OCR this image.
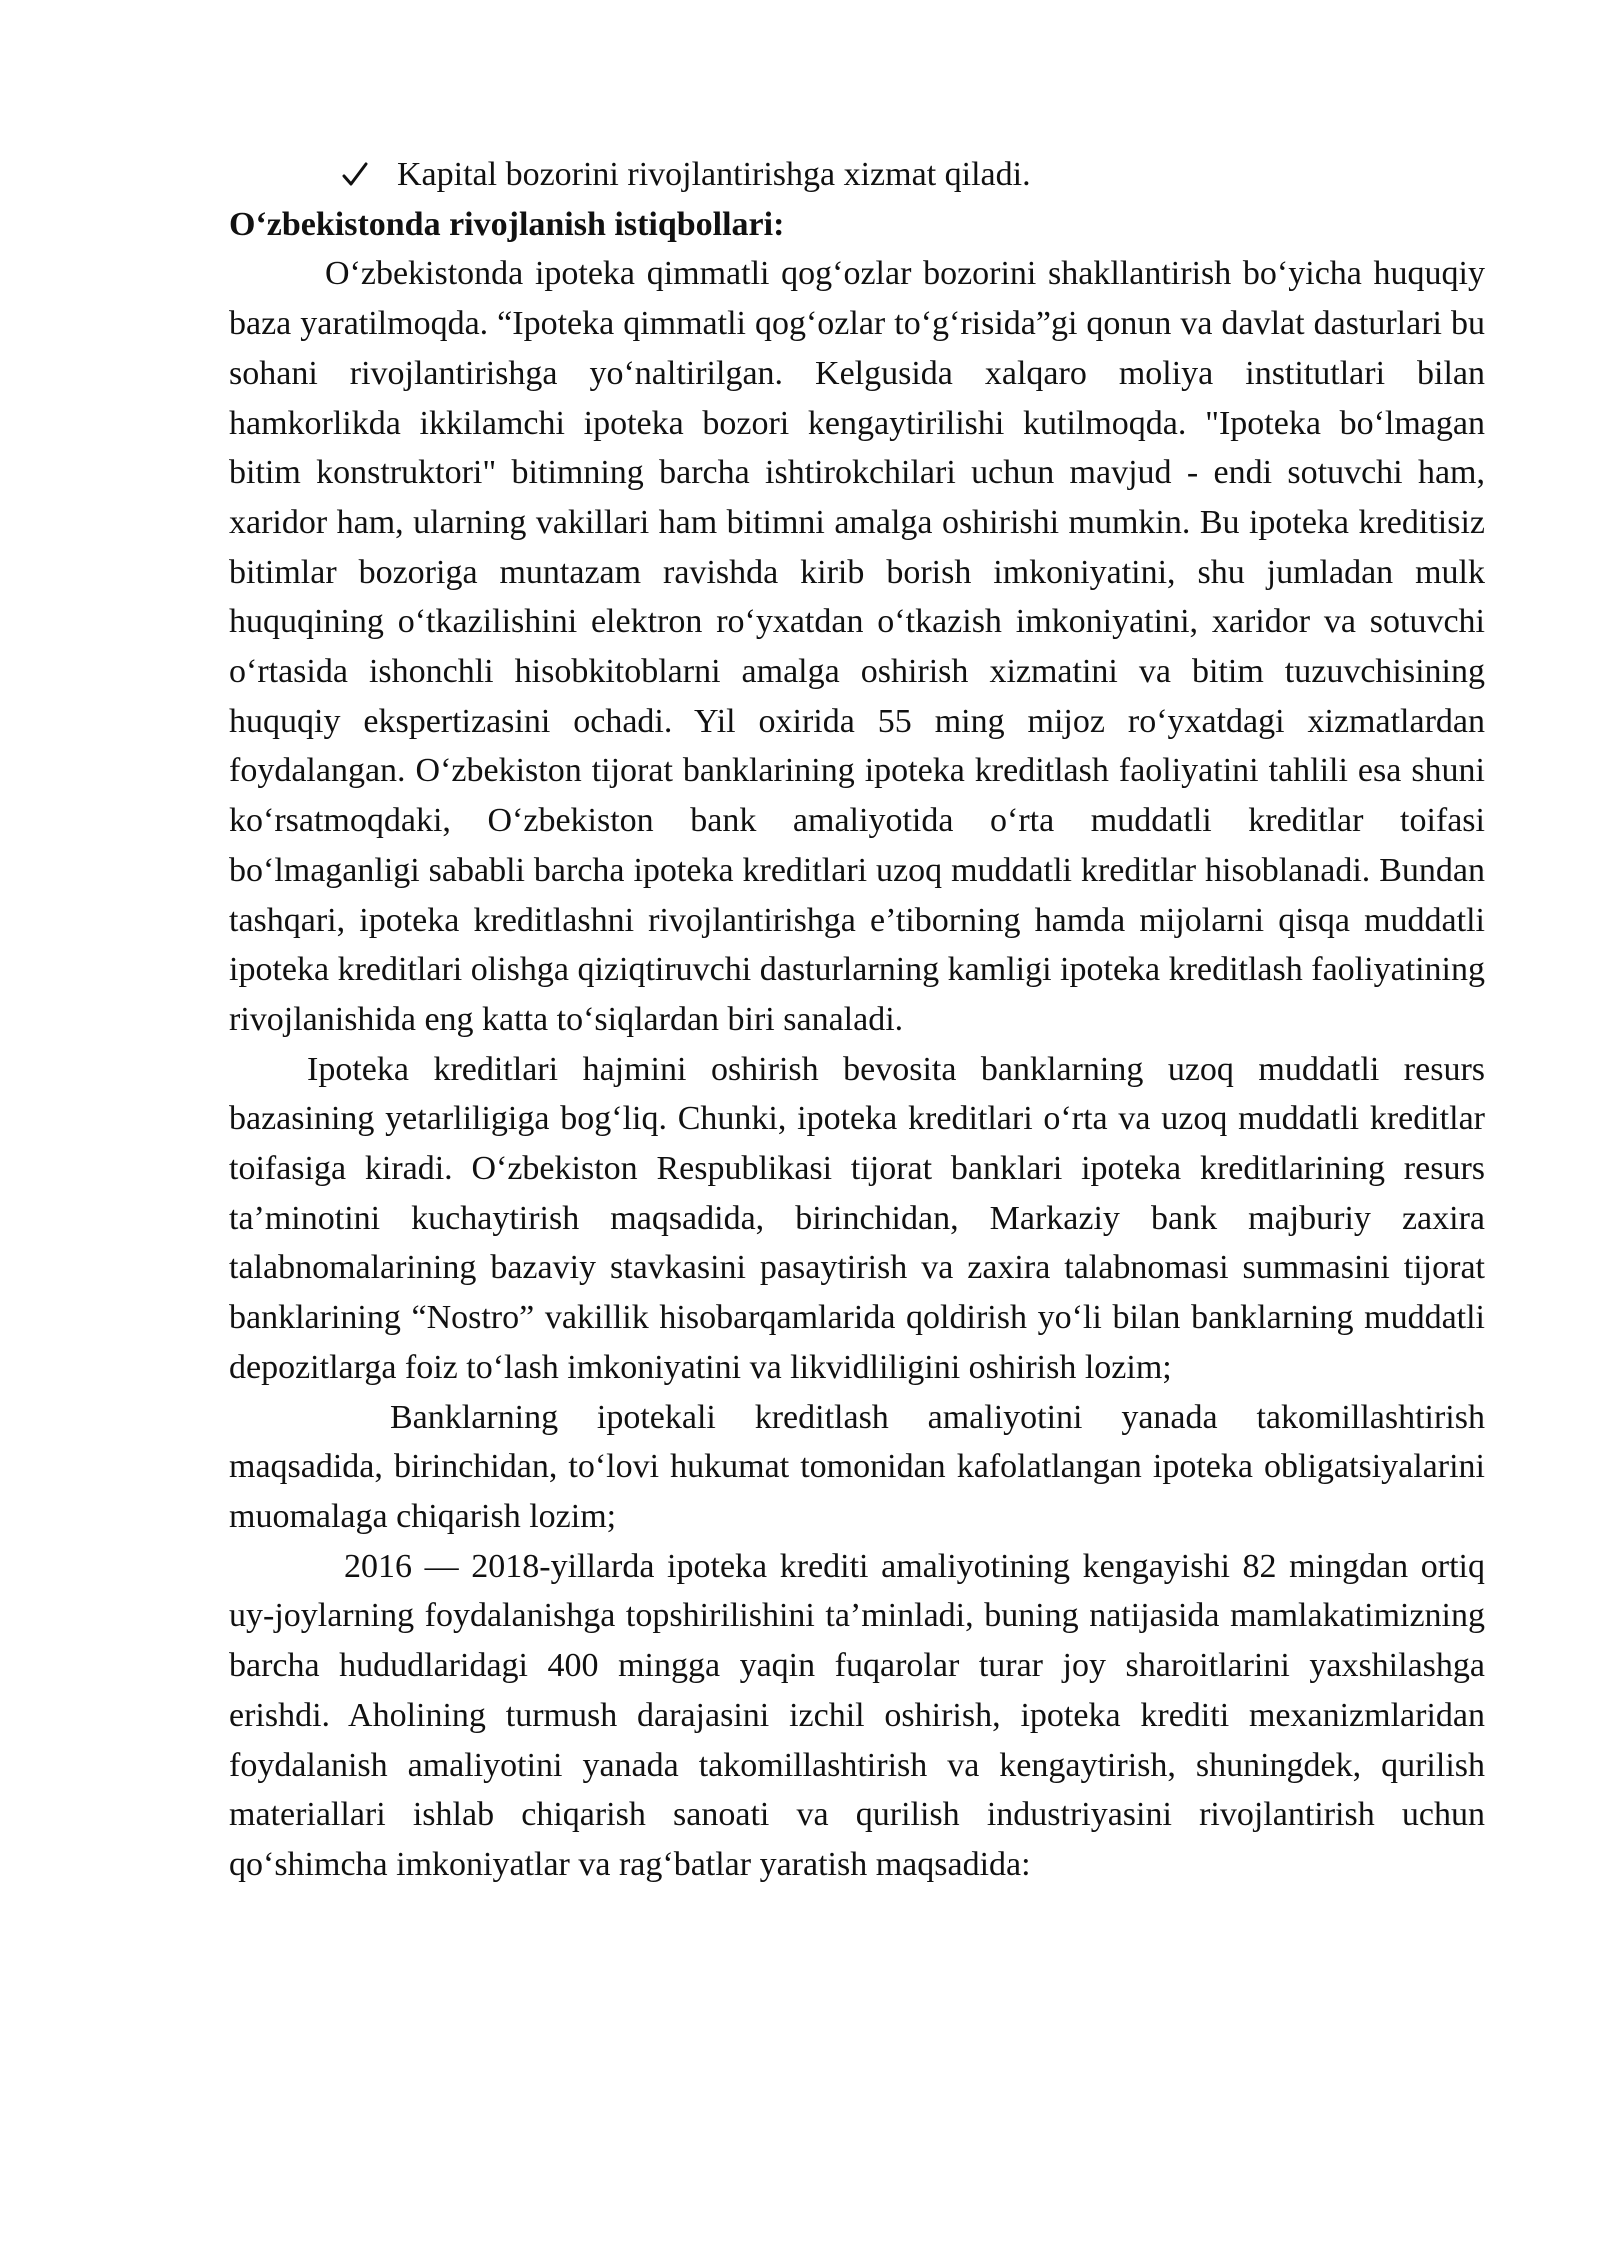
Kapital bozorini rivojlantirishga xizmat qiladi.

O‘zbekistonda rivojlanish istiqbollari:

O‘zbekistonda ipoteka qimmatli qog‘ozlar bozorini shakllantirish bo‘yicha huquqiy baza yaratilmoqda. “Ipoteka qimmatli qog‘ozlar to‘g‘risida”gi qonun va davlat dasturlari bu sohani rivojlantirishga yo‘naltirilgan. Kelgusida xalqaro moliya institutlari bilan hamkorlikda ikkilamchi ipoteka bozori kengaytirilishi kutilmoqda. "Ipoteka bo‘lmagan bitim konstruktori" bitimning barcha ishtirokchilari uchun mavjud - endi sotuvchi ham, xaridor ham, ularning vakillari ham bitimni amalga oshirishi mumkin. Bu ipoteka kreditisiz bitimlar bozoriga muntazam ravishda kirib borish imkoniyatini, shu jumladan mulk huquqining o‘tkazilishini elektron ro‘yxatdan o‘tkazish imkoniyatini, xaridor va sotuvchi o‘rtasida ishonchli hisobkitoblarni amalga oshirish xizmatini va bitim tuzuvchisining huquqiy ekspertizasini ochadi. Yil oxirida 55 ming mijoz ro‘yxatdagi xizmatlardan foydalangan. O‘zbekiston tijorat banklarining ipoteka kreditlash faoliyatini tahlili esa shuni ko‘rsatmoqdaki, O‘zbekiston bank amaliyotida o‘rta muddatli kreditlar toifasi bo‘lmaganligi sababli barcha ipoteka kreditlari uzoq muddatli kreditlar hisoblanadi. Bundan tashqari, ipoteka kreditlashni rivojlantirishga e’tiborning hamda mijolarni qisqa muddatli ipoteka kreditlari olishga qiziqtiruvchi dasturlarning kamligi ipoteka kreditlash faoliyatining rivojlanishida eng katta to‘siqlardan biri sanaladi.

Ipoteka kreditlari hajmini oshirish bevosita banklarning uzoq muddatli resurs bazasining yetarliligiga bog‘liq. Chunki, ipoteka kreditlari o‘rta va uzoq muddatli kreditlar toifasiga kiradi. O‘zbekiston Respublikasi tijorat banklari ipoteka kreditlarining resurs ta’minotini kuchaytirish maqsadida, birinchidan, Markaziy bank majburiy zaxira talabnomalarining bazaviy stavkasini pasaytirish va zaxira talabnomasi summasini tijorat banklarining “Nostro” vakillik hisobarqamlarida qoldirish yo‘li bilan banklarning muddatli depozitlarga foiz to‘lash imkoniyatini va likvidliligini oshirish lozim;

Banklarning ipotekali kreditlash amaliyotini yanada takomillashtirish maqsadida, birinchidan, to‘lovi hukumat tomonidan kafolatlangan ipoteka obligatsiyalarini muomalaga chiqarish lozim;

2016 — 2018-yillarda ipoteka krediti amaliyotining kengayishi 82 mingdan ortiq uy-joylarning foydalanishga topshirilishini ta’minladi, buning natijasida mamlakatimizning barcha hududlaridagi 400 mingga yaqin fuqarolar turar joy sharoitlarini yaxshilashga erishdi. Aholining turmush darajasini izchil oshirish, ipoteka krediti mexanizmlaridan foydalanish amaliyotini yanada takomillashtirish va kengaytirish, shuningdek, qurilish materiallari ishlab chiqarish sanoati va qurilish industriyasini rivojlantirish uchun qo‘shimcha imkoniyatlar va rag‘batlar yaratish maqsadida:
